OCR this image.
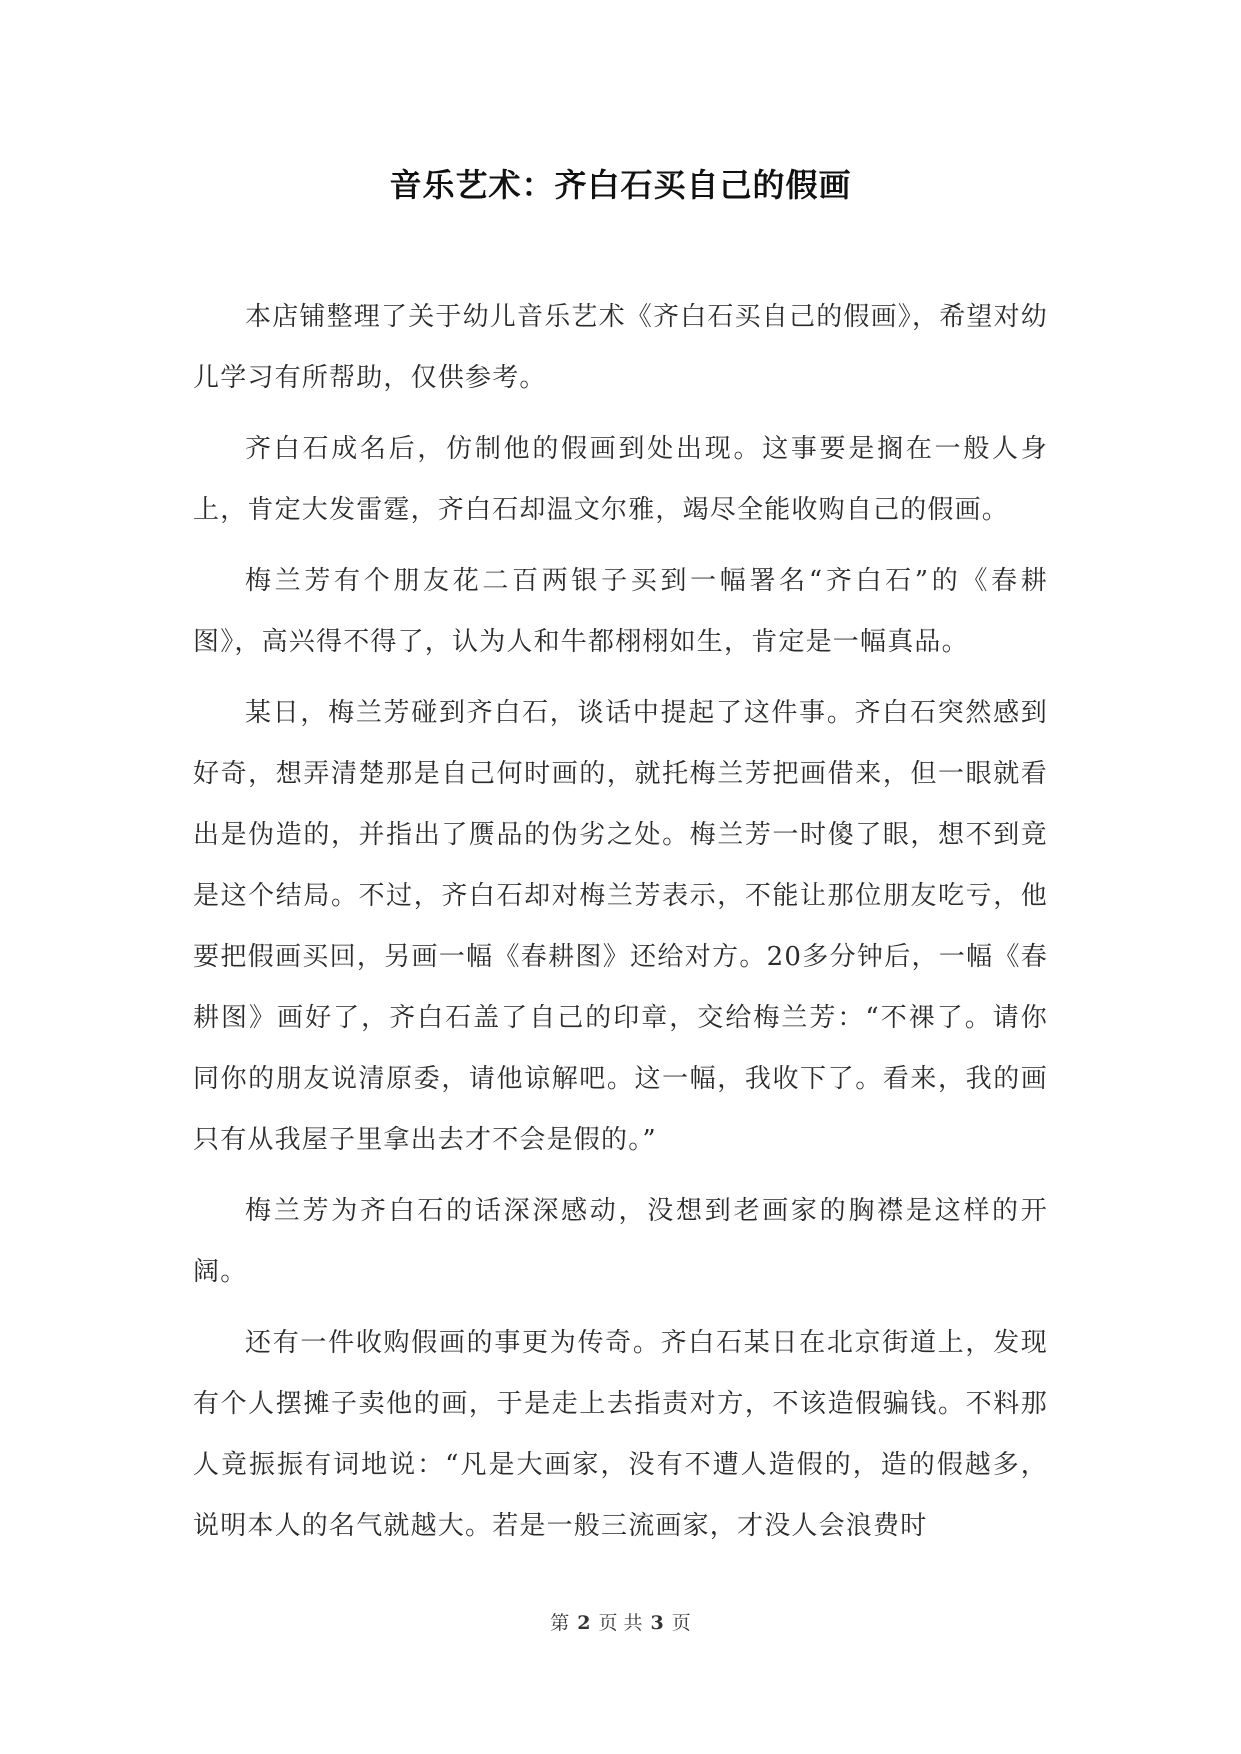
音乐艺术：齐白石买自己的假画

本店铺整理了关于幼儿音乐艺术《齐白石买自己的假画》，希望对幼儿学习有所帮助，仅供参考。

齐白石成名后，仿制他的假画到处出现。这事要是搁在一般人身上，肯定大发雷霆，齐白石却温文尔雅，竭尽全能收购自己的假画。

梅兰芳有个朋友花二百两银子买到一幅署名“齐白石”的《春耕图》，高兴得不得了，认为人和牛都栩栩如生，肯定是一幅真品。

某日，梅兰芳碰到齐白石，谈话中提起了这件事。齐白石突然感到好奇，想弄清楚那是自己何时画的，就托梅兰芳把画借来，但一眼就看出是伪造的，并指出了赝品的伪劣之处。梅兰芳一时傻了眼，想不到竟是这个结局。不过，齐白石却对梅兰芳表示，不能让那位朋友吃亏，他要把假画买回，另画一幅《春耕图》还给对方。20多分钟后，一幅《春耕图》画好了，齐白石盖了自己的印章，交给梅兰芳：“不祼了。请你同你的朋友说清原委，请他谅解吧。这一幅，我收下了。看来，我的画只有从我屋子里拿出去才不会是假的。”

梅兰芳为齐白石的话深深感动，没想到老画家的胸襟是这样的开阔。

还有一件收购假画的事更为传奇。齐白石某日在北京街道上，发现有个人摆摊子卖他的画，于是走上去指责对方，不该造假骗钱。不料那人竟振振有词地说：“凡是大画家，没有不遭人造假的，造的假越多，说明本人的名气就越大。若是一般三流画家，才没人会浪费时

第 2 页 共 3 页
